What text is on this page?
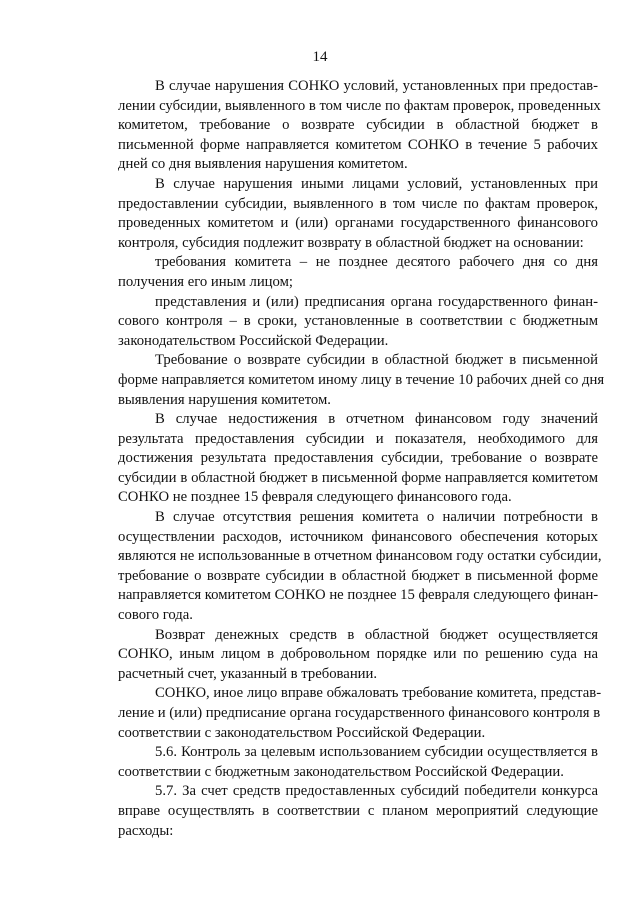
14

В случае нарушения СОНКО условий, установленных при предостав-
лении субсидии, выявленного в том числе по фактам проверок, проведенных
комитетом, требование о возврате субсидии в областной бюджет в
письменной форме направляется комитетом СОНКО в течение 5 рабочих
дней со дня выявления нарушения комитетом.

В случае нарушения иными лицами условий, установленных при
предоставлении субсидии, выявленного в том числе по фактам проверок,
проведенных комитетом и (или) органами государственного финансового
контроля, субсидия подлежит возврату в областной бюджет на основании:

требования комитета – не позднее десятого рабочего дня со дня
получения его иным лицом;

представления и (или) предписания органа государственного финан-
сового контроля – в сроки, установленные в соответствии с бюджетным
законодательством Российской Федерации.

Требование о возврате субсидии в областной бюджет в письменной
форме направляется комитетом иному лицу в течение 10 рабочих дней со дня
выявления нарушения комитетом.

В случае недостижения в отчетном финансовом году значений
результата предоставления субсидии и показателя, необходимого для
достижения результата предоставления субсидии, требование о возврате
субсидии в областной бюджет в письменной форме направляется комитетом
СОНКО не позднее 15 февраля следующего финансового года.

В случае отсутствия решения комитета о наличии потребности в
осуществлении расходов, источником финансового обеспечения которых
являются не использованные в отчетном финансовом году остатки субсидии,
требование о возврате субсидии в областной бюджет в письменной форме
направляется комитетом СОНКО не позднее 15 февраля следующего финан-
сового года.

Возврат денежных средств в областной бюджет осуществляется
СОНКО, иным лицом в добровольном порядке или по решению суда на
расчетный счет, указанный в требовании.

СОНКО, иное лицо вправе обжаловать требование комитета, представ-
ление и (или) предписание органа государственного финансового контроля в
соответствии с законодательством Российской Федерации.

5.6. Контроль за целевым использованием субсидии осуществляется в
соответствии с бюджетным законодательством Российской Федерации.

5.7. За счет средств предоставленных субсидий победители конкурса
вправе осуществлять в соответствии с планом мероприятий следующие
расходы:
